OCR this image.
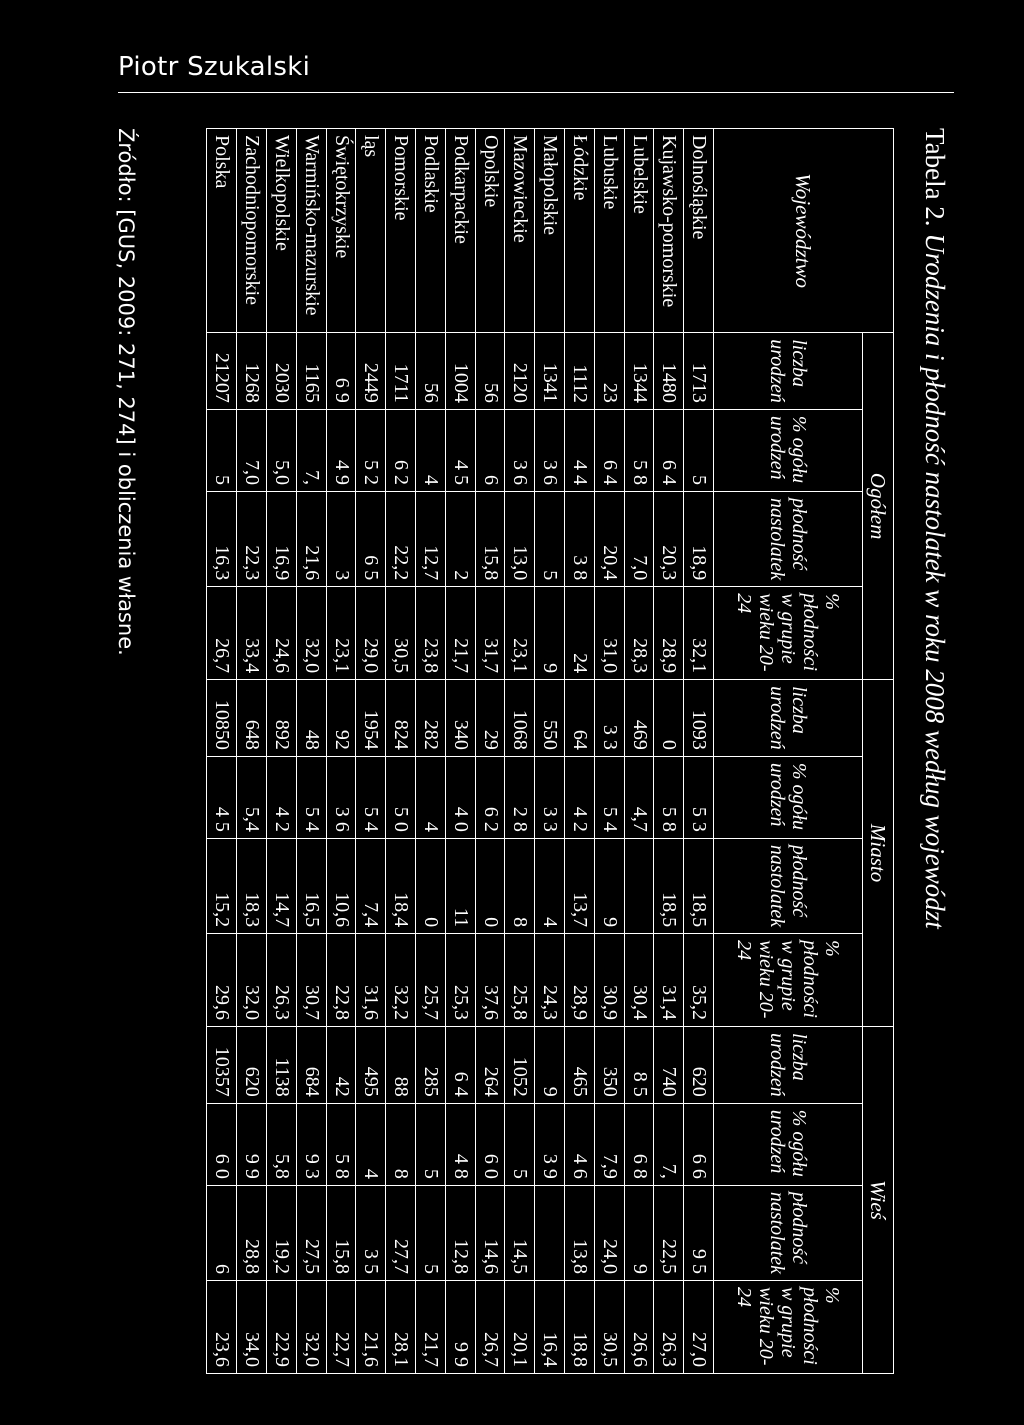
Piotr Szukalski
Tabela 2. Urodzenia i płodność nastolatek w roku 2008 według województ
Województwo	Ogółem				Miasto				Wieś			
	liczba urodzeń	% ogółu urodzeń	płodność nastolatek	% płodności w grupie wieku 20-24	liczba urodzeń	% ogółu urodzeń	płodność nastolatek	% płodności w grupie wieku 20-24	liczba urodzeń	% ogółu urodzeń	płodność nastolatek	% płodności w grupie wieku 20-24
Dolnośląskie	1713	5	18,9	32,1	1093	5 3	18,5	35,2	620	6 6	9 5	27,0
Kujawsko-pomorskie	1480	6 4	20,3	28,9	0	5 8	18,5	31,4	740	7,	22,5	26,3
Lubelskie	1344	5 8	7,0	28,3	469	4,7		30,4	8 5	6 8	9	26,6
Lubuskie	23	6 4	20,4	31,0	3 3	5 4	9	30,9	350	7,9	24,0	30,5
Łódzkie	1112	4 4	3 8	24	64	4 2	13,7	28,9	465	4 6	13,8	18,8
Małopolskie	1341	3 6	5	9	550	3 3	4	24,3	9	3 9		16,4
Mazowieckie	2120	3 6	13,0	23,1	1068	2 8	8	25,8	1052	5	14,5	20,1
Opolskie	56	6	15,8	31,7	29	6 2	0	37,6	264	6 0	14,6	26,7
Podkarpackie	1004	4 5	2	21,7	340	4 0	11	25,3	6 4	4 8	12,8	9 9
Podlaskie	56	4	12,7	23,8	282	4	0	25,7	285	5	5	21,7
Pomorskie	1711	6 2	22,2	30,5	824	5 0	18,4	32,2	88	8	27,7	28,1
ląs	2449	5 2	6 5	29,0	1954	5 4	7,4	31,6	495	4	3 5	21,6
Świętokrzyskie	6 9	4 9	3	23,1	92	3 6	10,6	22,8	42	5 8	15,8	22,7
Warmińsko-mazurskie	1165	7,	21,6	32,0	48	5 4	16,5	30,7	684	9 3	27,5	32,0
Wielkopolskie	2030	5,0	16,9	24,6	892	4 2	14,7	26,3	1138	5,8	19,2	22,9
Zachodniopomorskie	1268	7,0	22,3	33,4	648	5,4	18,3	32,0	620	9 9	28,8	34,0
Polska	21207	5	16,3	26,7	10850	4 5	15,2	29,6	10357	6 0	6	23,6
Źródło: [GUS, 2009: 271, 274] i obliczenia własne.
